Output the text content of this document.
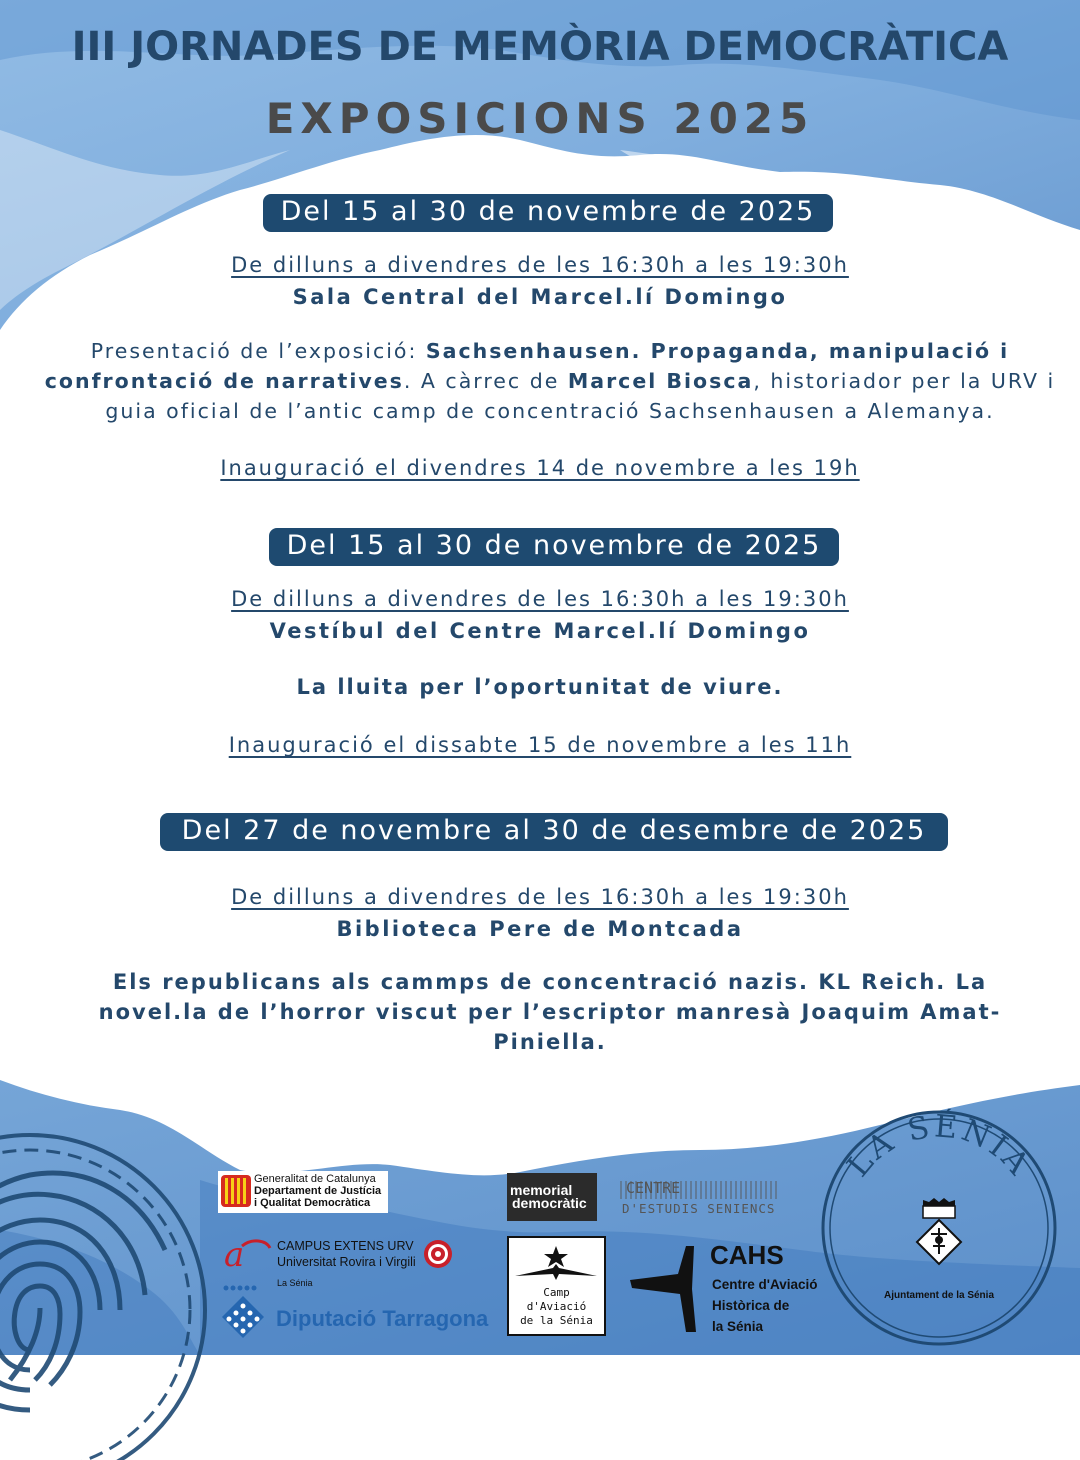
III JORNADES DE MEMÒRIA DEMOCRÀTICA
EXPOSICIONS 2025
Del 15 al 30 de novembre de 2025
De dilluns a divendres de les 16:30h a les 19:30h
Sala Central del Marcel.lí Domingo
Presentació de l’exposició: Sachsenhausen. Propaganda, manipulació i confrontació de narratives. A càrrec de Marcel Biosca, historiador per la URV i guia oficial de l’antic camp de concentració Sachsenhausen a Alemanya.
Inauguració el divendres 14 de novembre a les 19h
Del 15 al 30 de novembre de 2025
De dilluns a divendres de les 16:30h a les 19:30h
Vestíbul del Centre Marcel.lí Domingo
La lluita per l’oportunitat de viure.
Inauguració el dissabte 15 de novembre a les 11h
Del 27 de novembre al 30 de desembre de 2025
De dilluns a divendres de les 16:30h a les 19:30h
Biblioteca Pere de Montcada
Els republicans als cammps de concentració nazis. KL Reich. La novel.la de l’horror viscut per l’escriptor manresà Joaquim Amat-Piniella.
Generalitat de Catalunya
Departament de Justícia
i Qualitat Democràtica
a	CAMPUS EXTENS URV
Universitat Rovira i Virgili
La Sénia
Diputació Tarragona
memorial
democràtic
CENTRE
D'ESTUDIS SENIENCS
Camp
d'Aviació
de la Sénia
CAHS
Centre d'Aviació
Històrica de
la Sénia
LA SÉNIA
Ajuntament de la Sénia
